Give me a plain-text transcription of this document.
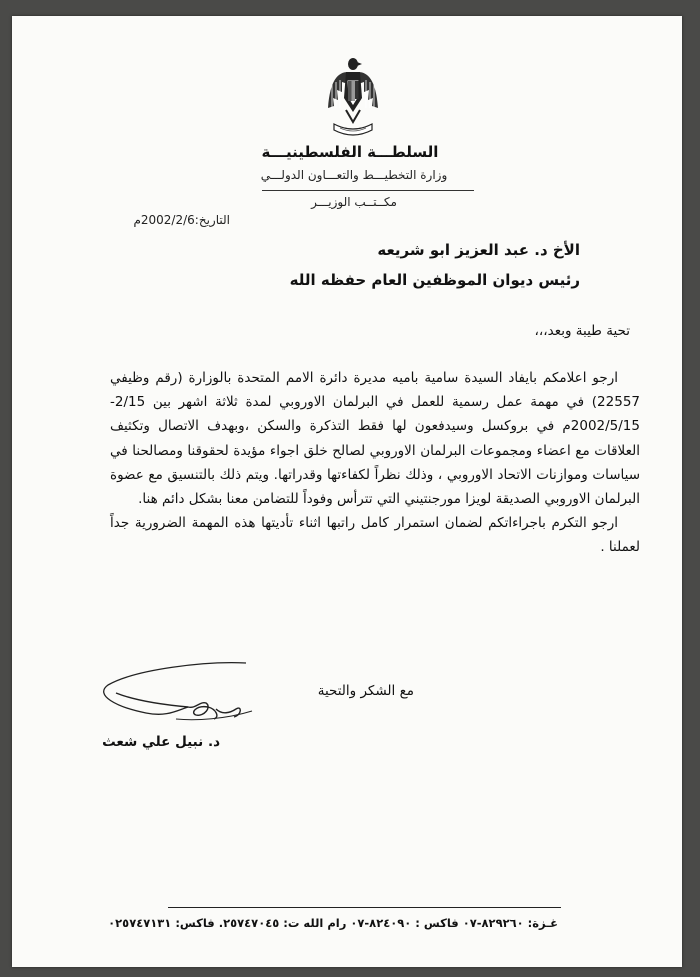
السلطـــة الفلسطينيـــة
وزارة التخطيـــط والتعـــاون الدولـــي
مكــتــب الوزيـــر
التاريخ:2002/2/6م
الأخ د. عبد العزيز ابو شريعه
رئيس ديوان الموظفين العام حفظه الله
تحية طيبة وبعد،،،

ارجو اعلامكم بايفاد السيدة سامية باميه مديرة دائرة الامم المتحدة بالوزارة (رقم وظيفي 22557) في مهمة عمل رسمية للعمل في البرلمان الاوروبي لمدة ثلاثة اشهر بين 2/15-2002/5/15م في بروكسل وسيدفعون لها فقط التذكرة والسكن ،وبهدف الاتصال وتكثيف العلاقات مع اعضاء ومجموعات البرلمان الاوروبي لصالح خلق اجواء مؤيدة لحقوقنا ومصالحنا في سياسات وموازنات الاتحاد الاوروبي ، وذلك نظراً لكفاءتها وقدراتها. ويتم ذلك بالتنسيق مع عضوة البرلمان الاوروبي الصديقة لويزا مورجنتيني التي تترأس وفوداً للتضامن معنا بشكل دائم هنا.

ارجو التكرم باجراءاتكم لضمان استمرار كامل راتبها اثناء تأديتها هذه المهمة الضرورية جداً لعملنا .

مع الشكر والتحية
د. نبيل علي شعث
غـزة: ٨٢٩٢٦٠-٠٧ فاكس : ٨٢٤٠٩٠-٠٧ رام الله ت: ٢٥٧٤٧٠٤٥. فاكس: ٠٢٥٧٤٧١٣١
